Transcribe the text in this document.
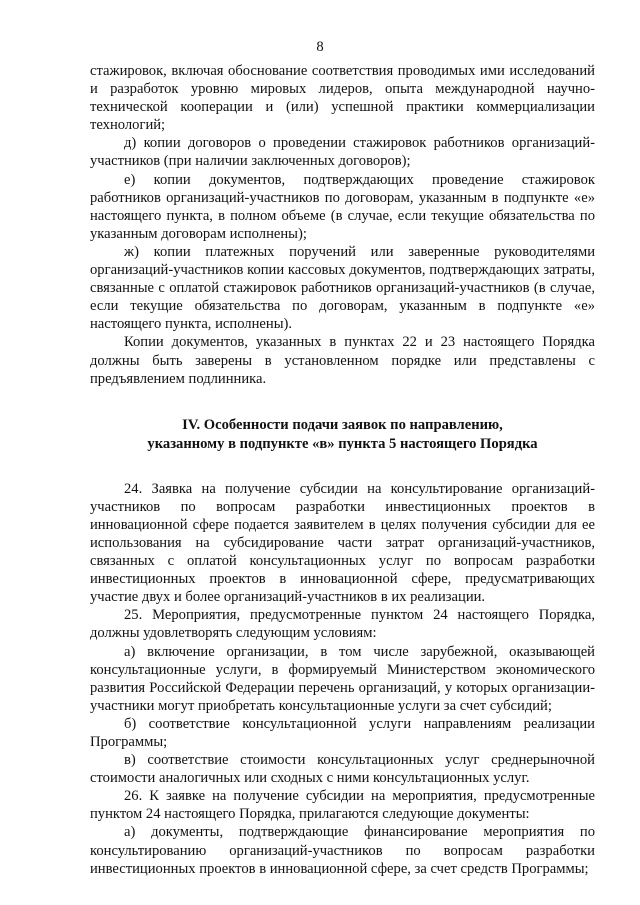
8

стажировок, включая обоснование соответствия проводимых ими исследований и разработок уровню мировых лидеров, опыта международной научно-технической кооперации и (или) успешной практики коммерциализации технологий;

д) копии договоров о проведении стажировок работников организаций-участников (при наличии заключенных договоров);

е) копии документов, подтверждающих проведение стажировок работников организаций-участников по договорам, указанным в подпункте «е» настоящего пункта, в полном объеме (в случае, если текущие обязательства по указанным договорам исполнены);

ж) копии платежных поручений или заверенные руководителями организаций-участников копии кассовых документов, подтверждающих затраты, связанные с оплатой стажировок работников организаций-участников (в случае, если текущие обязательства по договорам, указанным в подпункте «е» настоящего пункта, исполнены).

Копии документов, указанных в пунктах 22 и 23 настоящего Порядка должны быть заверены в установленном порядке или представлены с предъявлением подлинника.

IV. Особенности подачи заявок по направлению,
указанному в подпункте «в» пункта 5 настоящего Порядка

24. Заявка на получение субсидии на консультирование организаций-участников по вопросам разработки инвестиционных проектов в инновационной сфере подается заявителем в целях получения субсидии для ее использования на субсидирование части затрат организаций-участников, связанных с оплатой консультационных услуг по вопросам разработки инвестиционных проектов в инновационной сфере, предусматривающих участие двух и более организаций-участников в их реализации.

25. Мероприятия, предусмотренные пунктом 24 настоящего Порядка, должны удовлетворять следующим условиям:

а) включение организации, в том числе зарубежной, оказывающей консультационные услуги, в формируемый Министерством экономического развития Российской Федерации перечень организаций, у которых организации-участники могут приобретать консультационные услуги за счет субсидий;

б) соответствие консультационной услуги направлениям реализации Программы;

в) соответствие стоимости консультационных услуг среднерыночной стоимости аналогичных или сходных с ними консультационных услуг.

26. К заявке на получение субсидии на мероприятия, предусмотренные пунктом 24 настоящего Порядка, прилагаются следующие документы:

а) документы, подтверждающие финансирование мероприятия по консультированию организаций-участников по вопросам разработки инвестиционных проектов в инновационной сфере, за счет средств Программы;
